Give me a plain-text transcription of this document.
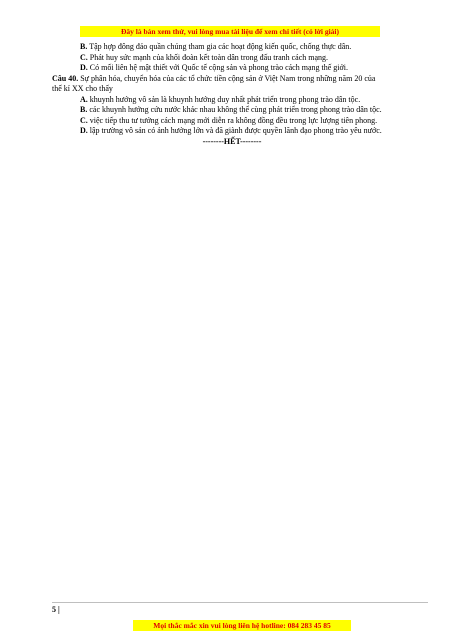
Đây là bản xem thử, vui lòng mua tài liệu để xem chi tiết (có lời giải)
B. Tập hợp đông đảo quần chúng tham gia các hoạt động kiến quốc, chống thực dân.
C. Phát huy sức mạnh của khối đoàn kết toàn dân trong đấu tranh cách mạng.
D. Có mối liên hệ mật thiết với Quốc tế cộng sản và phong trào cách mạng thế giới.
Câu 40. Sự phân hóa, chuyển hóa của các tổ chức tiền cộng sản ở Việt Nam trong những năm 20 của
thế kỉ XX cho thấy
A. khuynh hướng vô sản là khuynh hướng duy nhất phát triển trong phong trào dân tộc.
B. các khuynh hướng cứu nước khác nhau không thể cùng phát triển trong phong trào dân tộc.
C. việc tiếp thu tư tưởng cách mạng mới diễn ra không đồng đều trong lực lượng tiên phong.
D. lập trường vô sản có ảnh hưởng lớn và đã giành được quyền lãnh đạo phong trào yêu nước.
--------HẾT--------
5 |
Mọi thắc mắc xin vui lòng liên hệ hotline: 084 283 45 85
